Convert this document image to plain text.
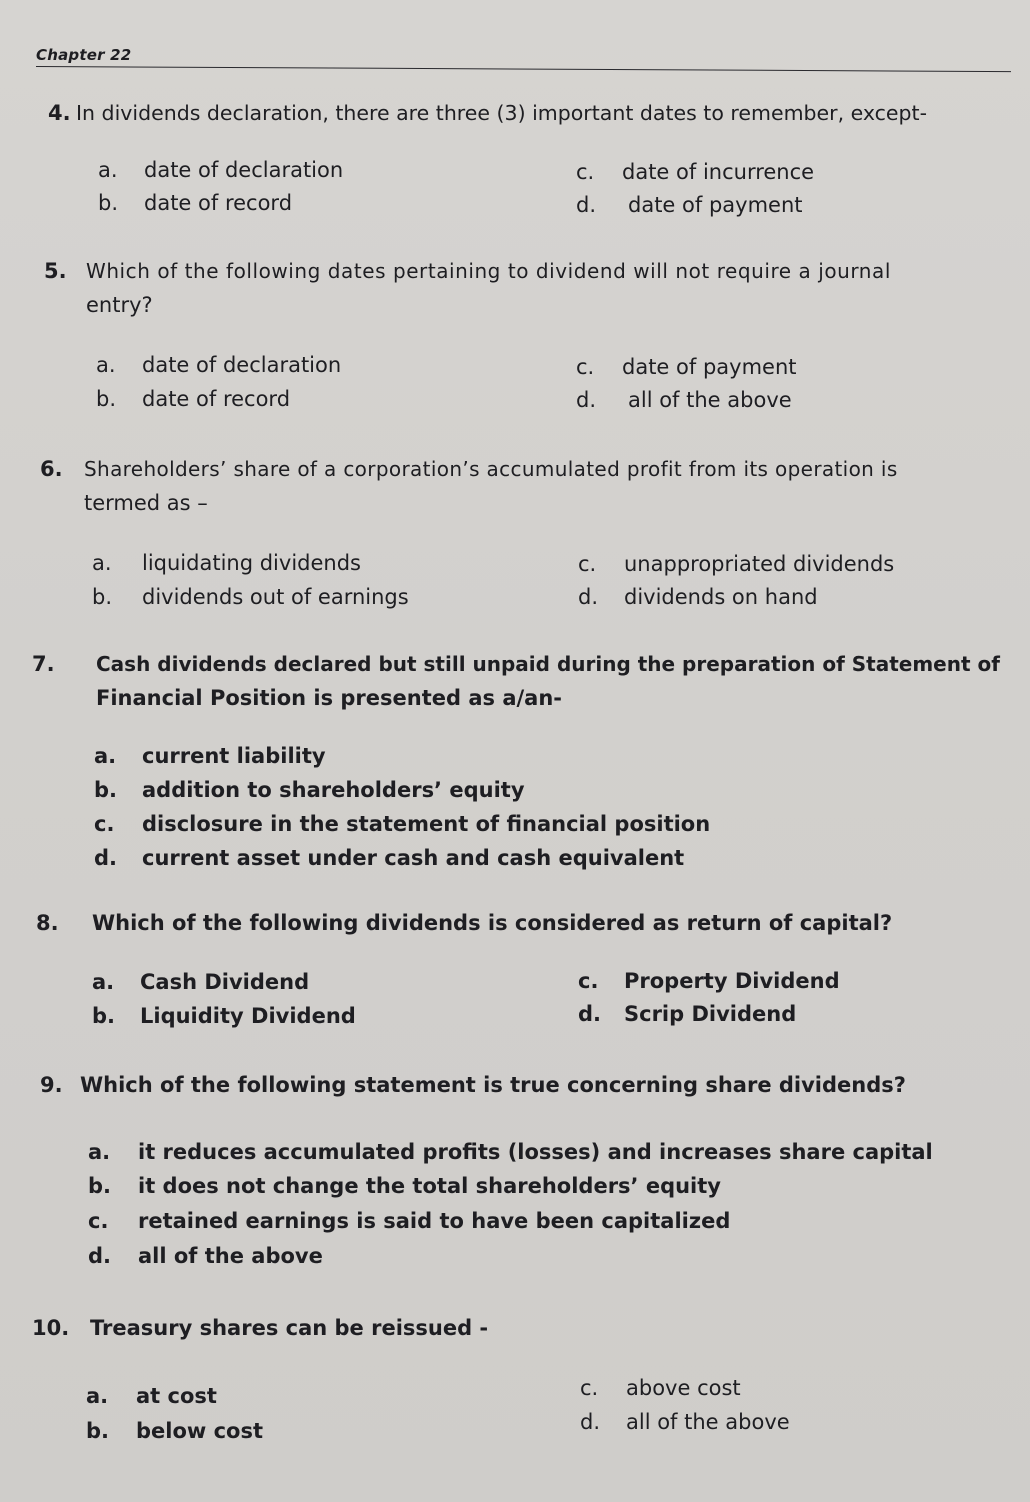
Chapter 22
4. In dividends declaration, there are three (3) important dates to remember, except-
a. date of declaration
b. date of record
c. date of incurrence
d. date of payment
5. Which of the following dates pertaining to dividend will not require a journal
entry?
a. date of declaration
b. date of record
c. date of payment
d. all of the above
6. Shareholders’ share of a corporation’s accumulated profit from its operation is
termed as –
a. liquidating dividends
b. dividends out of earnings
c. unappropriated dividends
d. dividends on hand
7. Cash dividends declared but still unpaid during the preparation of Statement of
Financial Position is presented as a/an-
a. current liability
b. addition to shareholders’ equity
c. disclosure in the statement of financial position
d. current asset under cash and cash equivalent
8. Which of the following dividends is considered as return of capital?
a. Cash Dividend
b. Liquidity Dividend
c. Property Dividend
d. Scrip Dividend
9. Which of the following statement is true concerning share dividends?
a. it reduces accumulated profits (losses) and increases share capital
b. it does not change the total shareholders’ equity
c. retained earnings is said to have been capitalized
d. all of the above
10. Treasury shares can be reissued -
a. at cost
b. below cost
c. above cost
d. all of the above
